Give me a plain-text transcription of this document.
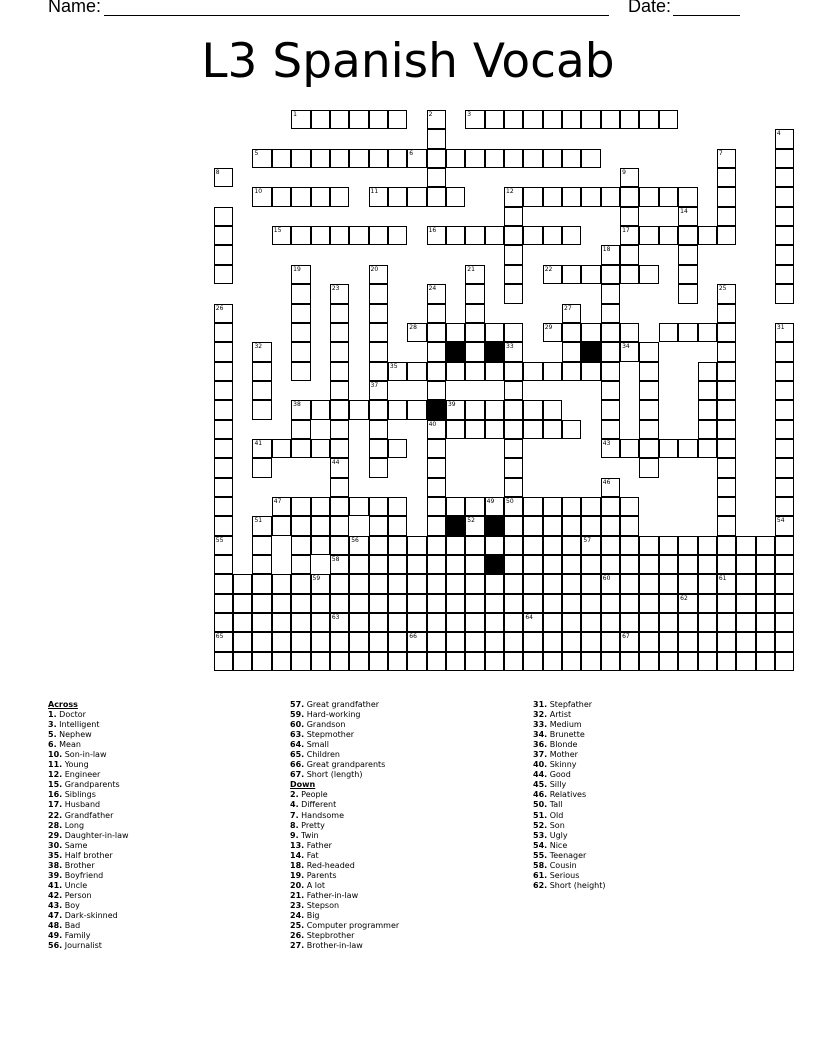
Name:	Date:
L3 Spanish Vocab
1	2	3
4
5	6	7
8	9
10	11	12
14
15	16	17
18
19	20	21	22
23	24	25
26	27
28	29	31
32	33	34
35
37
38	39
40
41	43
44
46
47	49 50
51	52	54
55	56	57
58
59	60	61
62
63	64
65	66	67
Across
1. Doctor
3. Intelligent
5. Nephew
6. Mean
10. Son-in-law
11. Young
12. Engineer
15. Grandparents
16. Siblings
17. Husband
22. Grandfather
28. Long
29. Daughter-in-law
30. Same
35. Half brother
38. Brother
39. Boyfriend
41. Uncle
42. Person
43. Boy
47. Dark-skinned
48. Bad
49. Family
56. Journalist
57. Great grandfather
59. Hard-working
60. Grandson
63. Stepmother
64. Small
65. Children
66. Great grandparents
67. Short (length)
Down
2. People
4. Different
7. Handsome
8. Pretty
9. Twin
13. Father
14. Fat
18. Red-headed
19. Parents
20. A lot
21. Father-in-law
23. Stepson
24. Big
25. Computer programmer
26. Stepbrother
27. Brother-in-law
31. Stepfather
32. Artist
33. Medium
34. Brunette
36. Blonde
37. Mother
40. Skinny
44. Good
45. Silly
46. Relatives
50. Tall
51. Old
52. Son
53. Ugly
54. Nice
55. Teenager
58. Cousin
61. Serious
62. Short (height)
